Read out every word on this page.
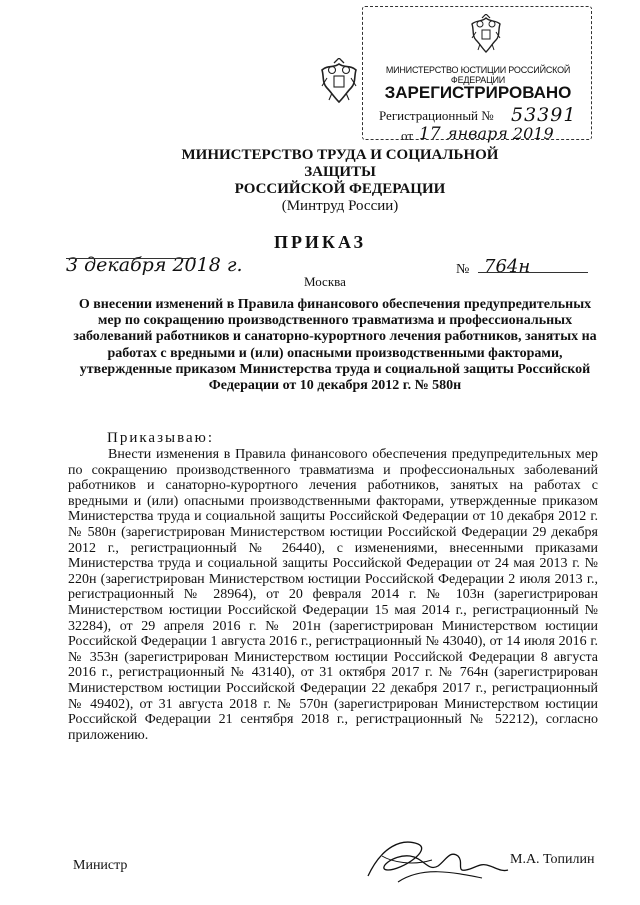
МИНИСТЕРСТВО ЮСТИЦИИ РОССИЙСКОЙ ФЕДЕРАЦИИ
ЗАРЕГИСТРИРОВАНО
Регистрационный № 53391
от 17 января 2019
МИНИСТЕРСТВО ТРУДА И СОЦИАЛЬНОЙ ЗАЩИТЫ
РОССИЙСКОЙ ФЕДЕРАЦИИ
(Минтруд России)
ПРИКАЗ
3 декабря 2018 г.	№ 764н
Москва
О внесении изменений в Правила финансового обеспечения предупредительных мер по сокращению производственного травматизма и профессиональных заболеваний работников и санаторно-курортного лечения работников, занятых на работах с вредными и (или) опасными производственными факторами, утвержденные приказом Министерства труда и социальной защиты Российской Федерации от 10 декабря 2012 г. № 580н
Приказываю:
Внести изменения в Правила финансового обеспечения предупредительных мер по сокращению производственного травматизма и профессиональных заболеваний работников и санаторно-курортного лечения работников, занятых на работах с вредными и (или) опасными производственными факторами, утвержденные приказом Министерства труда и социальной защиты Российской Федерации от 10 декабря 2012 г. № 580н (зарегистрирован Министерством юстиции Российской Федерации 29 декабря 2012 г., регистрационный № 26440), с изменениями, внесенными приказами Министерства труда и социальной защиты Российской Федерации от 24 мая 2013 г. № 220н (зарегистрирован Министерством юстиции Российской Федерации 2 июля 2013 г., регистрационный № 28964), от 20 февраля 2014 г. № 103н (зарегистрирован Министерством юстиции Российской Федерации 15 мая 2014 г., регистрационный № 32284), от 29 апреля 2016 г. № 201н (зарегистрирован Министерством юстиции Российской Федерации 1 августа 2016 г., регистрационный № 43040), от 14 июля 2016 г. № 353н (зарегистрирован Министерством юстиции Российской Федерации 8 августа 2016 г., регистрационный № 43140), от 31 октября 2017 г. № 764н (зарегистрирован Министерством юстиции Российской Федерации 22 декабря 2017 г., регистрационный № 49402), от 31 августа 2018 г. № 570н (зарегистрирован Министерством юстиции Российской Федерации 21 сентября 2018 г., регистрационный № 52212), согласно приложению.
Министр	М.А. Топилин
